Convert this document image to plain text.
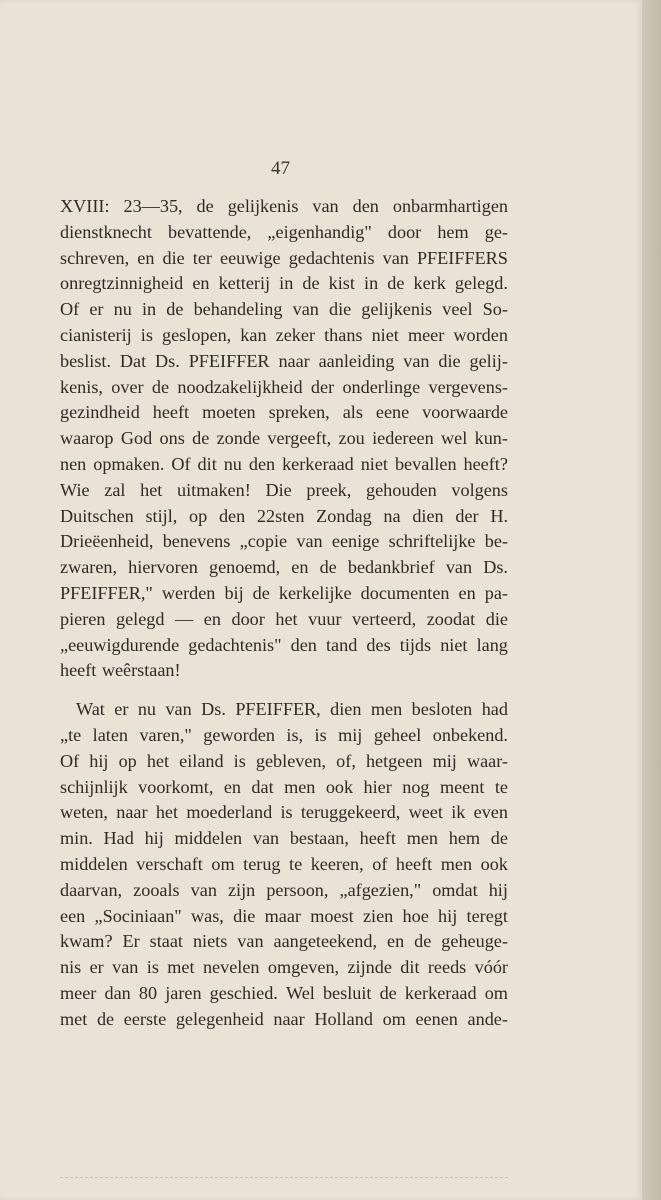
47
XVIII: 23—35, de gelijkenis van den onbarmhartigen
dienstknecht bevattende, „eigenhandig" door hem ge-
schreven, en die ter eeuwige gedachtenis van PFEIFFERS
onregtzinnigheid en ketterij in de kist in de kerk gelegd.
Of er nu in de behandeling van die gelijkenis veel So-
cianisterij is geslopen, kan zeker thans niet meer worden
beslist. Dat Ds. PFEIFFER naar aanleiding van die gelij-
kenis, over de noodzakelijkheid der onderlinge vergevens-
gezindheid heeft moeten spreken, als eene voorwaarde
waarop God ons de zonde vergeeft, zou iedereen wel kun-
nen opmaken. Of dit nu den kerkeraad niet bevallen heeft?
Wie zal het uitmaken! Die preek, gehouden volgens
Duitschen stijl, op den 22sten Zondag na dien der H.
Drieëenheid, benevens „copie van eenige schriftelijke be-
zwaren, hiervoren genoemd, en de bedankbrief van Ds.
PFEIFFER," werden bij de kerkelijke documenten en pa-
pieren gelegd — en door het vuur verteerd, zoodat die
„eeuwigdurende gedachtenis" den tand des tijds niet lang
heeft weêrstaan!
Wat er nu van Ds. PFEIFFER, dien men besloten had
„te laten varen," geworden is, is mij geheel onbekend.
Of hij op het eiland is gebleven, of, hetgeen mij waar-
schijnlijk voorkomt, en dat men ook hier nog meent te
weten, naar het moederland is teruggekeerd, weet ik even
min. Had hij middelen van bestaan, heeft men hem de
middelen verschaft om terug te keeren, of heeft men ook
daarvan, zooals van zijn persoon, „afgezien," omdat hij
een „Sociniaan" was, die maar moest zien hoe hij teregt
kwam? Er staat niets van aangeteekend, en de geheuge-
nis er van is met nevelen omgeven, zijnde dit reeds vóór
meer dan 80 jaren geschied. Wel besluit de kerkeraad om
met de eerste gelegenheid naar Holland om eenen ande-
